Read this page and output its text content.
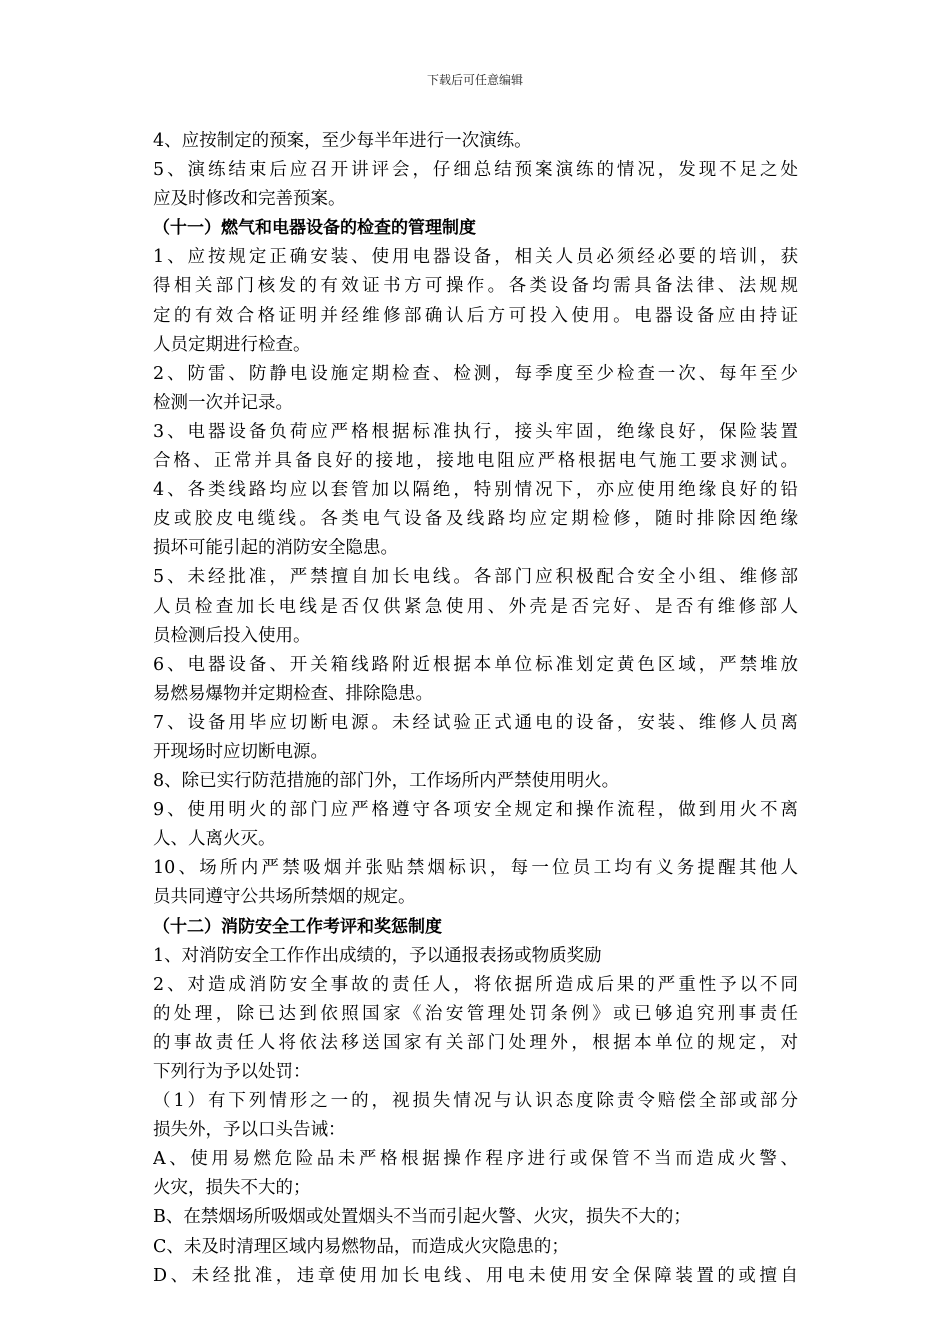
下载后可任意编辑
4、应按制定的预案，至少每半年进行一次演练。
5、演练结束后应召开讲评会，仔细总结预案演练的情况，发现不足之处
应及时修改和完善预案。
（十一）燃气和电器设备的检查的管理制度
1、应按规定正确安装、使用电器设备，相关人员必须经必要的培训，获
得相关部门核发的有效证书方可操作。各类设备均需具备法律、法规规
定的有效合格证明并经维修部确认后方可投入使用。电器设备应由持证
人员定期进行检查。
2、防雷、防静电设施定期检查、检测，每季度至少检查一次、每年至少
检测一次并记录。
3、电器设备负荷应严格根据标准执行，接头牢固，绝缘良好，保险装置
合格、正常并具备良好的接地，接地电阻应严格根据电气施工要求测试。
4、各类线路均应以套管加以隔绝，特别情况下，亦应使用绝缘良好的铅
皮或胶皮电缆线。各类电气设备及线路均应定期检修，随时排除因绝缘
损坏可能引起的消防安全隐患。
5、未经批准，严禁擅自加长电线。各部门应积极配合安全小组、维修部
人员检查加长电线是否仅供紧急使用、外壳是否完好、是否有维修部人
员检测后投入使用。
6、电器设备、开关箱线路附近根据本单位标准划定黄色区域，严禁堆放
易燃易爆物并定期检查、排除隐患。
7、设备用毕应切断电源。未经试验正式通电的设备，安装、维修人员离
开现场时应切断电源。
8、除已实行防范措施的部门外，工作场所内严禁使用明火。
9、使用明火的部门应严格遵守各项安全规定和操作流程，做到用火不离
人、人离火灭。
10、场所内严禁吸烟并张贴禁烟标识，每一位员工均有义务提醒其他人
员共同遵守公共场所禁烟的规定。
（十二）消防安全工作考评和奖惩制度
1、对消防安全工作作出成绩的，予以通报表扬或物质奖励
2、对造成消防安全事故的责任人，将依据所造成后果的严重性予以不同
的处理，除已达到依照国家《治安管理处罚条例》或已够追究刑事责任
的事故责任人将依法移送国家有关部门处理外，根据本单位的规定，对
下列行为予以处罚：
（1）有下列情形之一的，视损失情况与认识态度除责令赔偿全部或部分
损失外，予以口头告诫：
A、使用易燃危险品未严格根据操作程序进行或保管不当而造成火警、
火灾，损失不大的；
B、在禁烟场所吸烟或处置烟头不当而引起火警、火灾，损失不大的；
C、未及时清理区域内易燃物品，而造成火灾隐患的；
D、未经批准，违章使用加长电线、用电未使用安全保障装置的或擅自
